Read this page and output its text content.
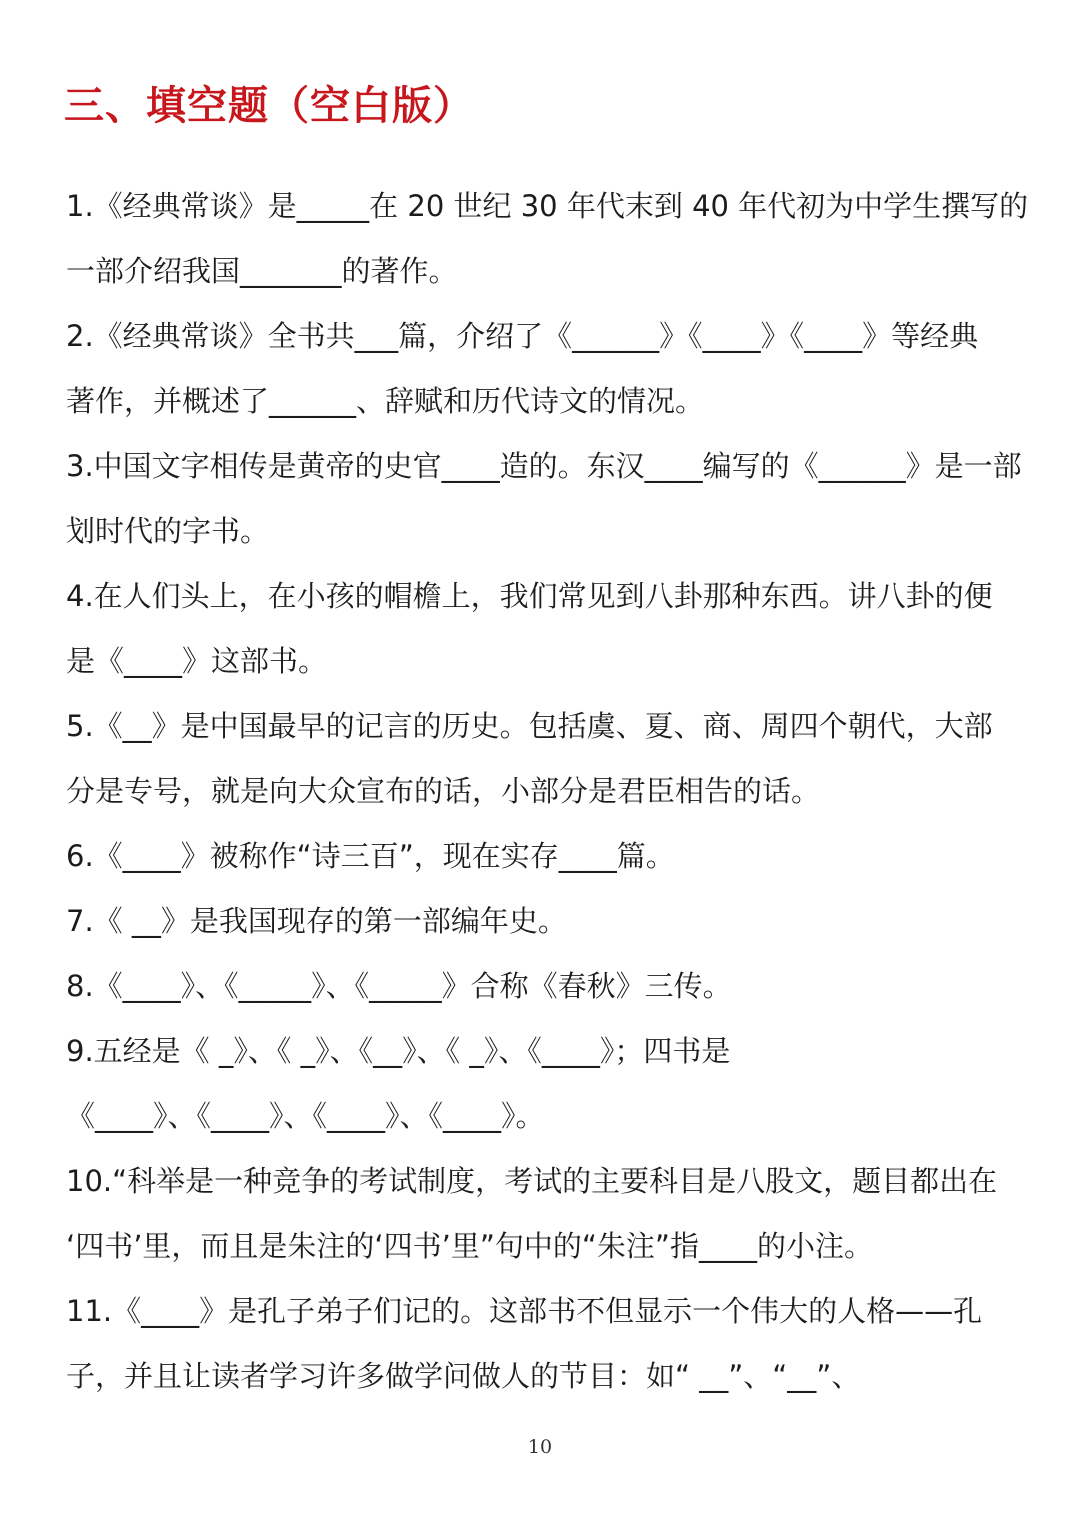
三、填空题（空白版）
1.《经典常谈》是_____在 20 世纪 30 年代末到 40 年代初为中学生撰写的
一部介绍我国_______的著作。
2.《经典常谈》全书共___篇，介绍了《______》《____》《____》等经典
著作，并概述了______、辞赋和历代诗文的情况。
3.中国文字相传是黄帝的史官____造的。东汉____编写的《______》是一部
划时代的字书。
4.在人们头上，在小孩的帽檐上，我们常见到八卦那种东西。讲八卦的便
是《____》这部书。
5.《__》是中国最早的记言的历史。包括虞、夏、商、周四个朝代，大部
分是专号，就是向大众宣布的话，小部分是君臣相告的话。
6.《____》被称作“诗三百”，现在实存____篇。
7.《 __》是我国现存的第一部编年史。
8.《____》、《_____》、《_____》合称《春秋》三传。
9.五经是《 _》、《 _》、《__》、《 _》、《____》；四书是
《____》、《____》、《____》、《____》。
10.“科举是一种竞争的考试制度，考试的主要科目是八股文，题目都出在
‘四书’里，而且是朱注的‘四书’里”句中的“朱注”指____的小注。
11.《____》是孔子弟子们记的。这部书不但显示一个伟大的人格——孔
子，并且让读者学习许多做学问做人的节目：如“ __”、“__”、
10
